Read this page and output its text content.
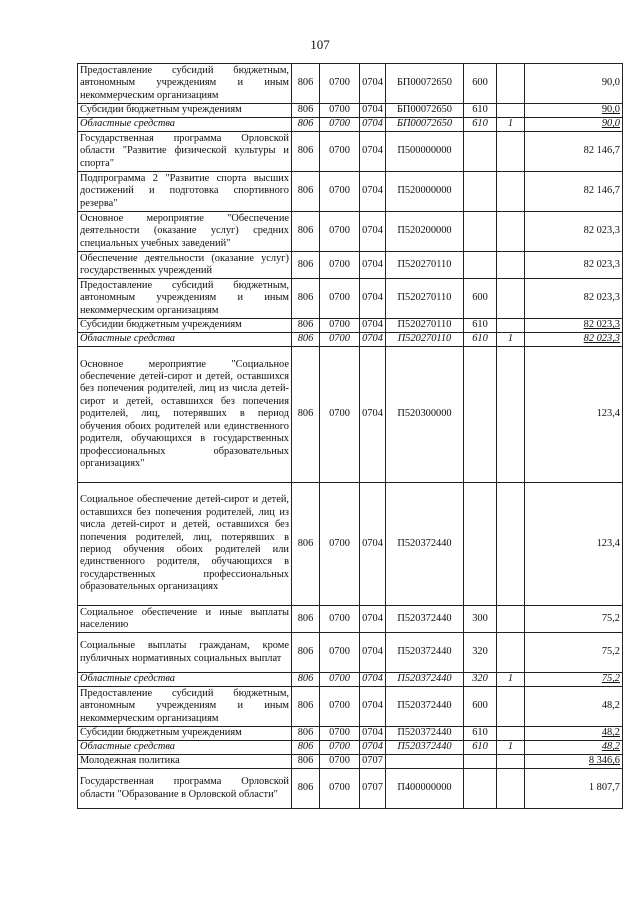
107
Предоставление субсидий бюджетным, автономным учреждениям и иным некоммерческим организациям	806	0700	0704	БП00072650	600		90,0
Субсидии бюджетным учреждениям	806	0700	0704	БП00072650	610		90,0
Областные средства	806	0700	0704	БП00072650	610	1	90,0
Государственная программа Орловской области "Развитие физической культуры и спорта"	806	0700	0704	П500000000			82 146,7
Подпрограмма 2 "Развитие спорта высших достижений и подготовка спортивного резерва"	806	0700	0704	П520000000			82 146,7
Основное мероприятие "Обеспечение деятельности (оказание услуг) средних специальных учебных заведений"	806	0700	0704	П520200000			82 023,3
Обеспечение деятельности (оказание услуг) государственных учреждений	806	0700	0704	П520270110			82 023,3
Предоставление субсидий бюджетным, автономным учреждениям и иным некоммерческим организациям	806	0700	0704	П520270110	600		82 023,3
Субсидии бюджетным учреждениям	806	0700	0704	П520270110	610		82 023,3
Областные средства	806	0700	0704	П520270110	610	1	82 023,3
Основное мероприятие "Социальное обеспечение детей-сирот и детей, оставшихся без попечения родителей, лиц из числа детей-сирот и детей, оставшихся без попечения родителей, лиц, потерявших в период обучения обоих родителей или единственного родителя, обучающихся в государственных профессиональных образовательных организациях"	806	0700	0704	П520300000			123,4
Социальное обеспечение детей-сирот и детей, оставшихся без попечения родителей, лиц из числа детей-сирот и детей, оставшихся без попечения родителей, лиц, потерявших в период обучения обоих родителей или единственного родителя, обучающихся в государственных профессиональных образовательных организациях	806	0700	0704	П520372440			123,4
Социальное обеспечение и иные выплаты населению	806	0700	0704	П520372440	300		75,2
Социальные выплаты гражданам, кроме публичных нормативных социальных выплат	806	0700	0704	П520372440	320		75,2
Областные средства	806	0700	0704	П520372440	320	1	75,2
Предоставление субсидий бюджетным, автономным учреждениям и иным некоммерческим организациям	806	0700	0704	П520372440	600		48,2
Субсидии бюджетным учреждениям	806	0700	0704	П520372440	610		48,2
Областные средства	806	0700	0704	П520372440	610	1	48,2
Молодежная политика	806	0700	0707				8 346,6
Государственная программа Орловской области "Образование в Орловской области"	806	0700	0707	П400000000			1 807,7
